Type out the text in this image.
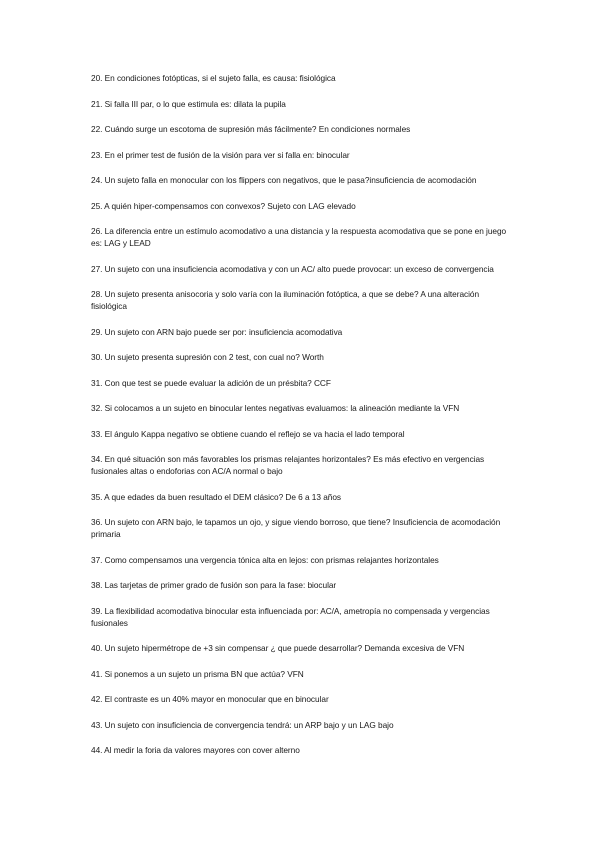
20. En condiciones fotópticas, si el sujeto falla, es causa: fisiológica
21. Si falla III par, o lo que estimula es: dilata la pupila
22. Cuándo surge un escotoma de supresión más fácilmente? En condiciones normales
23. En el primer test de fusión de la visión para ver si falla en: binocular
24. Un sujeto falla en monocular con los flippers con negativos, que le pasa?insuficiencia de acomodación
25. A quién hiper-compensamos con convexos? Sujeto con LAG elevado
26. La diferencia entre un estímulo acomodativo a una distancia y la respuesta acomodativa que se pone en juego es: LAG y LEAD
27. Un sujeto con una insuficiencia acomodativa y con un AC/ alto puede provocar: un exceso de convergencia
28. Un sujeto presenta anisocoria y solo varía con la iluminación fotóptica, a que se debe? A una alteración fisiológica
29. Un sujeto con ARN bajo puede ser por: insuficiencia acomodativa
30. Un sujeto presenta supresión con 2 test, con cual no? Worth
31. Con que test se puede evaluar la adición de un présbita? CCF
32. Si colocamos a un sujeto en binocular lentes negativas evaluamos: la alineación mediante la VFN
33. El ángulo Kappa negativo se obtiene cuando el reflejo se va hacia el lado temporal
34. En qué situación son más favorables los prismas relajantes horizontales? Es más efectivo en vergencias fusionales altas o endoforias con AC/A normal o bajo
35. A que edades da buen resultado el DEM clásico? De 6 a 13 años
36. Un sujeto con ARN bajo, le tapamos un ojo, y sigue viendo borroso, que tiene? Insuficiencia de acomodación primaria
37. Como compensamos una vergencia tónica alta en lejos: con prismas relajantes horizontales
38. Las tarjetas de primer grado de fusión son para la fase: biocular
39. La flexibilidad acomodativa binocular esta influenciada por: AC/A, ametropía no compensada y vergencias fusionales
40. Un sujeto hipermétrope de +3 sin compensar ¿ que puede desarrollar? Demanda excesiva de VFN
41. Si ponemos a un sujeto un prisma BN que actúa? VFN
42. El contraste es un 40% mayor en monocular que en binocular
43. Un sujeto con insuficiencia de convergencia tendrá: un ARP bajo y un LAG bajo
44. Al medir la foria da valores mayores con cover alterno
